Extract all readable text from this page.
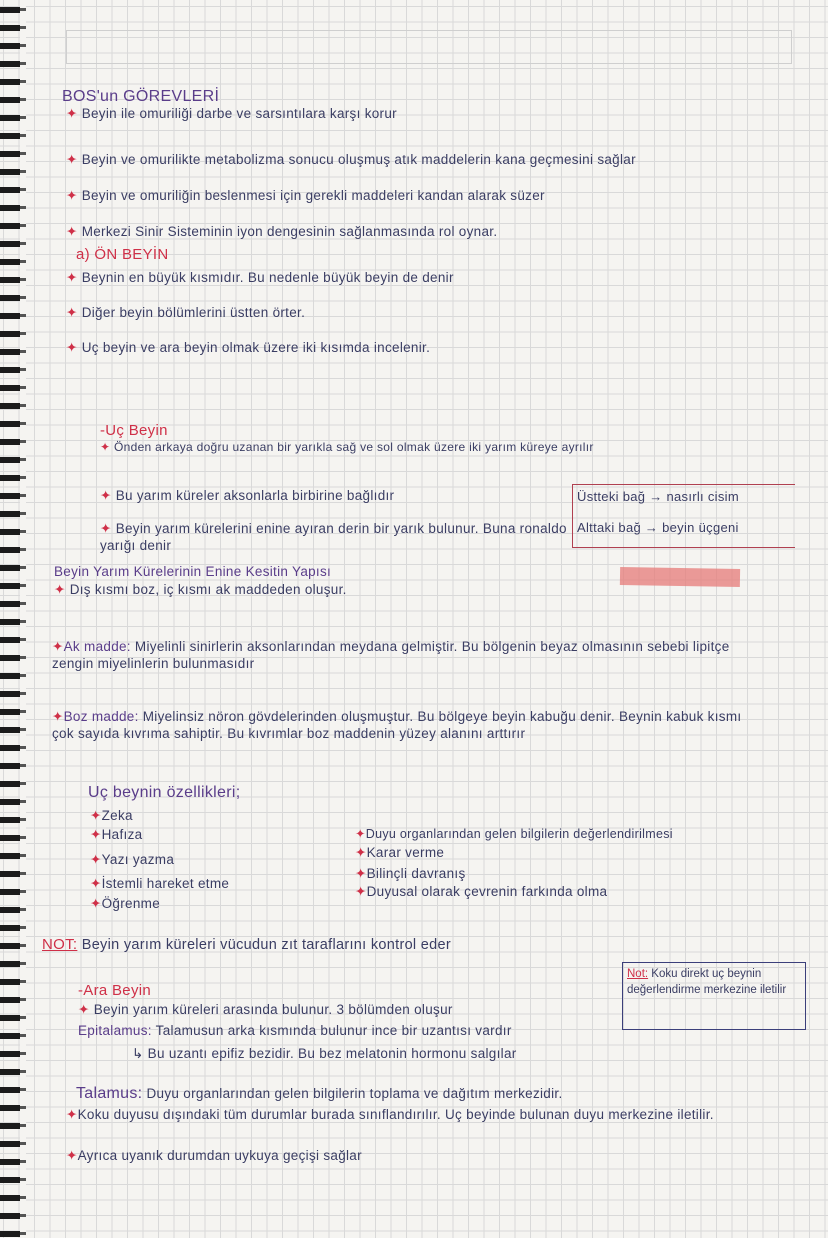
BOS'un GÖREVLERİ
✦ Beyin ile omuriliği darbe ve sarsıntılara karşı korur
✦ Beyin ve omurilikte metabolizma sonucu oluşmuş atık maddelerin kana geçmesini sağlar
✦ Beyin ve omuriliğin beslenmesi için gerekli maddeleri kandan alarak süzer
✦ Merkezi Sinir Sisteminin iyon dengesinin sağlanmasında rol oynar.
a) ÖN BEYİN
✦ Beynin en büyük kısmıdır. Bu nedenle büyük beyin de denir
✦ Diğer beyin bölümlerini üstten örter.
✦ Uç beyin ve ara beyin olmak üzere iki kısımda incelenir.
-Uç Beyin
✦ Önden arkaya doğru uzanan bir yarıkla sağ ve sol olmak üzere iki yarım küreye ayrılır
✦ Bu yarım küreler aksonlarla birbirine bağlıdır
✦ Beyin yarım kürelerini enine ayıran derin bir yarık bulunur. Buna ronaldo yarığı denir
Üstteki bağ → nasırlı cisim
Alttaki bağ → beyin üçgeni
Beyin Yarım Kürelerinin Enine Kesitin Yapısı
✦ Dış kısmı boz, iç kısmı ak maddeden oluşur.
✦Ak madde: Miyelinli sinirlerin aksonlarından meydana gelmiştir. Bu bölgenin beyaz olmasının sebebi lipitçe zengin miyelinlerin bulunmasıdır
✦Boz madde: Miyelinsiz nöron gövdelerinden oluşmuştur. Bu bölgeye beyin kabuğu denir. Beynin kabuk kısmı çok sayıda kıvrıma sahiptir. Bu kıvrımlar boz maddenin yüzey alanını arttırır
Uç beynin özellikleri;
✦Zeka
✦Hafıza
✦Yazı yazma
✦İstemli hareket etme
✦Öğrenme
✦Duyu organlarından gelen bilgilerin değerlendirilmesi
✦Karar verme
✦Bilinçli davranış
✦Duyusal olarak çevrenin farkında olma
NOT: Beyin yarım küreleri vücudun zıt taraflarını kontrol eder
-Ara Beyin
✦ Beyin yarım küreleri arasında bulunur. 3 bölümden oluşur
Not: Koku direkt uç beynin değerlendirme merkezine iletilir
Epitalamus: Talamusun arka kısmında bulunur ince bir uzantısı vardır
↳ Bu uzantı epifiz bezidir. Bu bez melatonin hormonu salgılar
Talamus: Duyu organlarından gelen bilgilerin toplama ve dağıtım merkezidir.
✦Koku duyusu dışındaki tüm durumlar burada sınıflandırılır. Uç beyinde bulunan duyu merkezine iletilir.
✦Ayrıca uyanık durumdan uykuya geçişi sağlar
